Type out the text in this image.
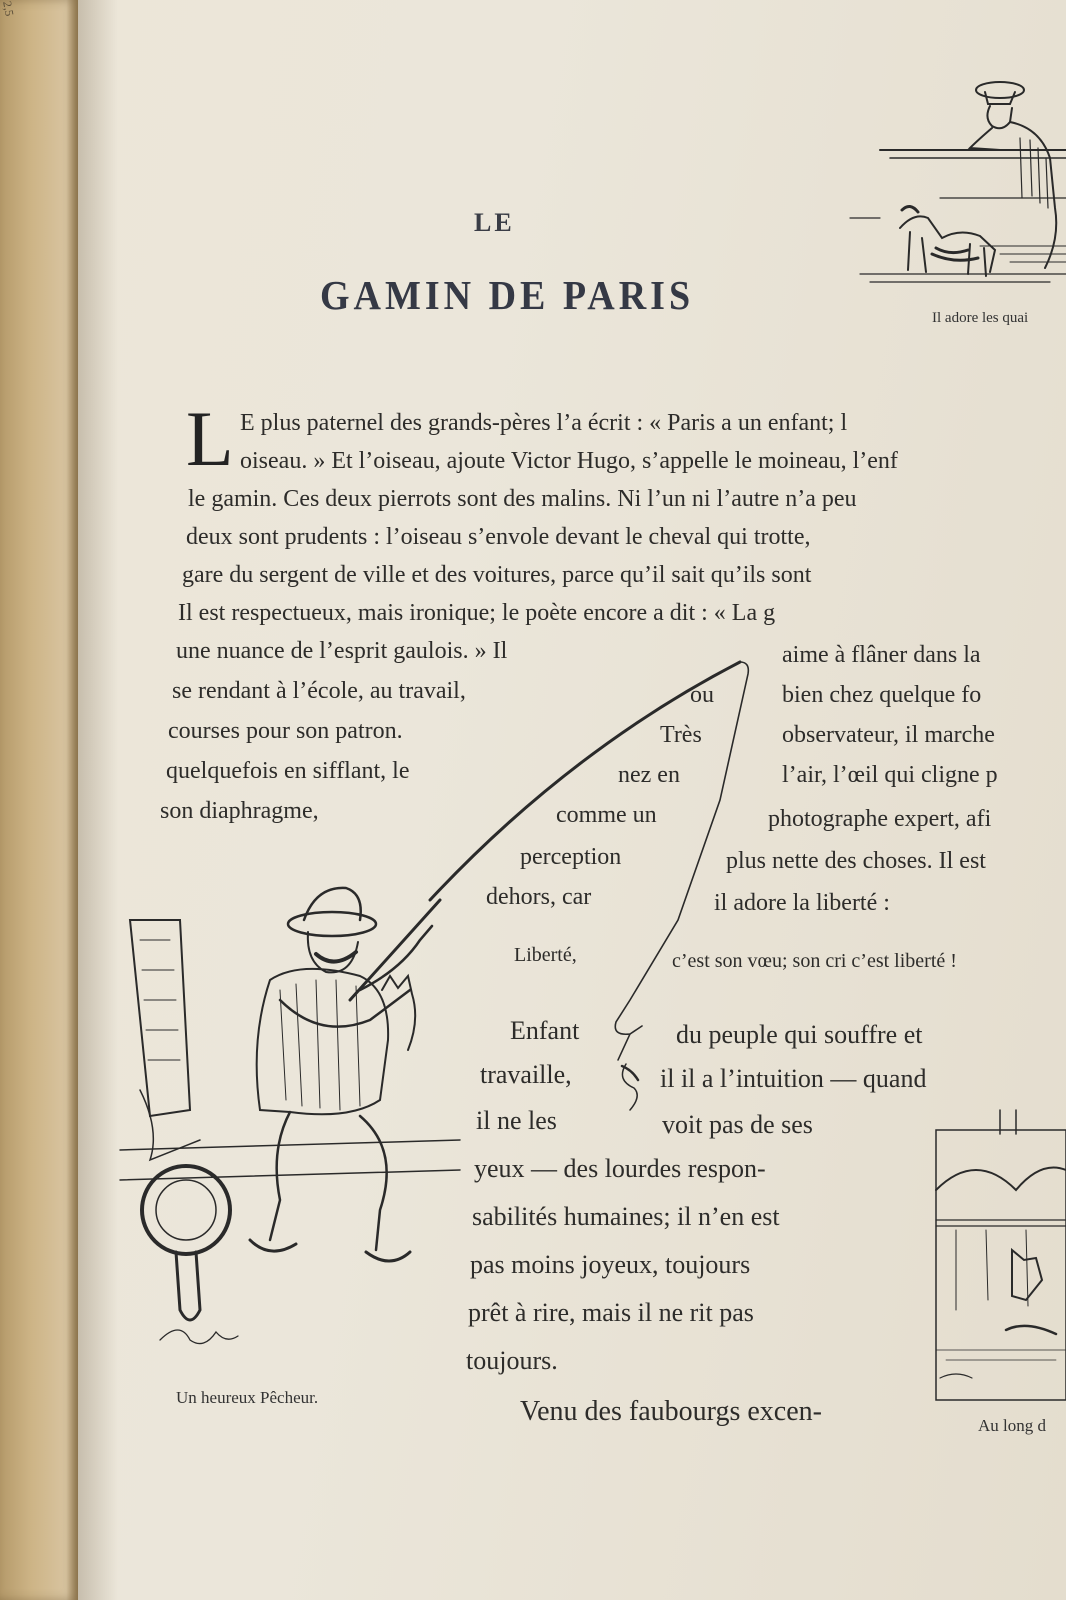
2,5
LE
GAMIN DE PARIS	Il adore les quai
L E plus paternel des grands-pères l’a écrit : « Paris a un enfant; l
oiseau. » Et l’oiseau, ajoute Victor Hugo, s’appelle le moineau, l’enf
le gamin. Ces deux pierrots sont des malins. Ni l’un ni l’autre n’a peu
deux sont prudents : l’oiseau s’envole devant le cheval qui trotte,
gare du sergent de ville et des voitures, parce qu’il sait qu’ils sont
Il est respectueux, mais ironique; le poète encore a dit : « La g
une nuance de l’esprit gaulois. » Il	aime à flâner dans la
se rendant à l’école, au travail,	ou	bien chez quelque fo
courses pour son patron.	Très	observateur, il marche
quelquefois en sifflant, le	nez en	l’air, l’œil qui cligne p
son diaphragme,	comme un	photographe expert, afi
perception	plus nette des choses. Il est
dehors, car	il adore la liberté :
Liberté,	c’est son vœu; son cri c’est liberté !
Enfant	du peuple qui souffre et
travaille,	il il a l’intuition — quand
il ne les	voit pas de ses
yeux — des lourdes respon-
sabilités humaines; il n’en est
pas moins joyeux, toujours
prêt à rire, mais il ne rit pas
toujours.
Venu des faubourgs excen-
Un heureux Pêcheur.
Au long d
